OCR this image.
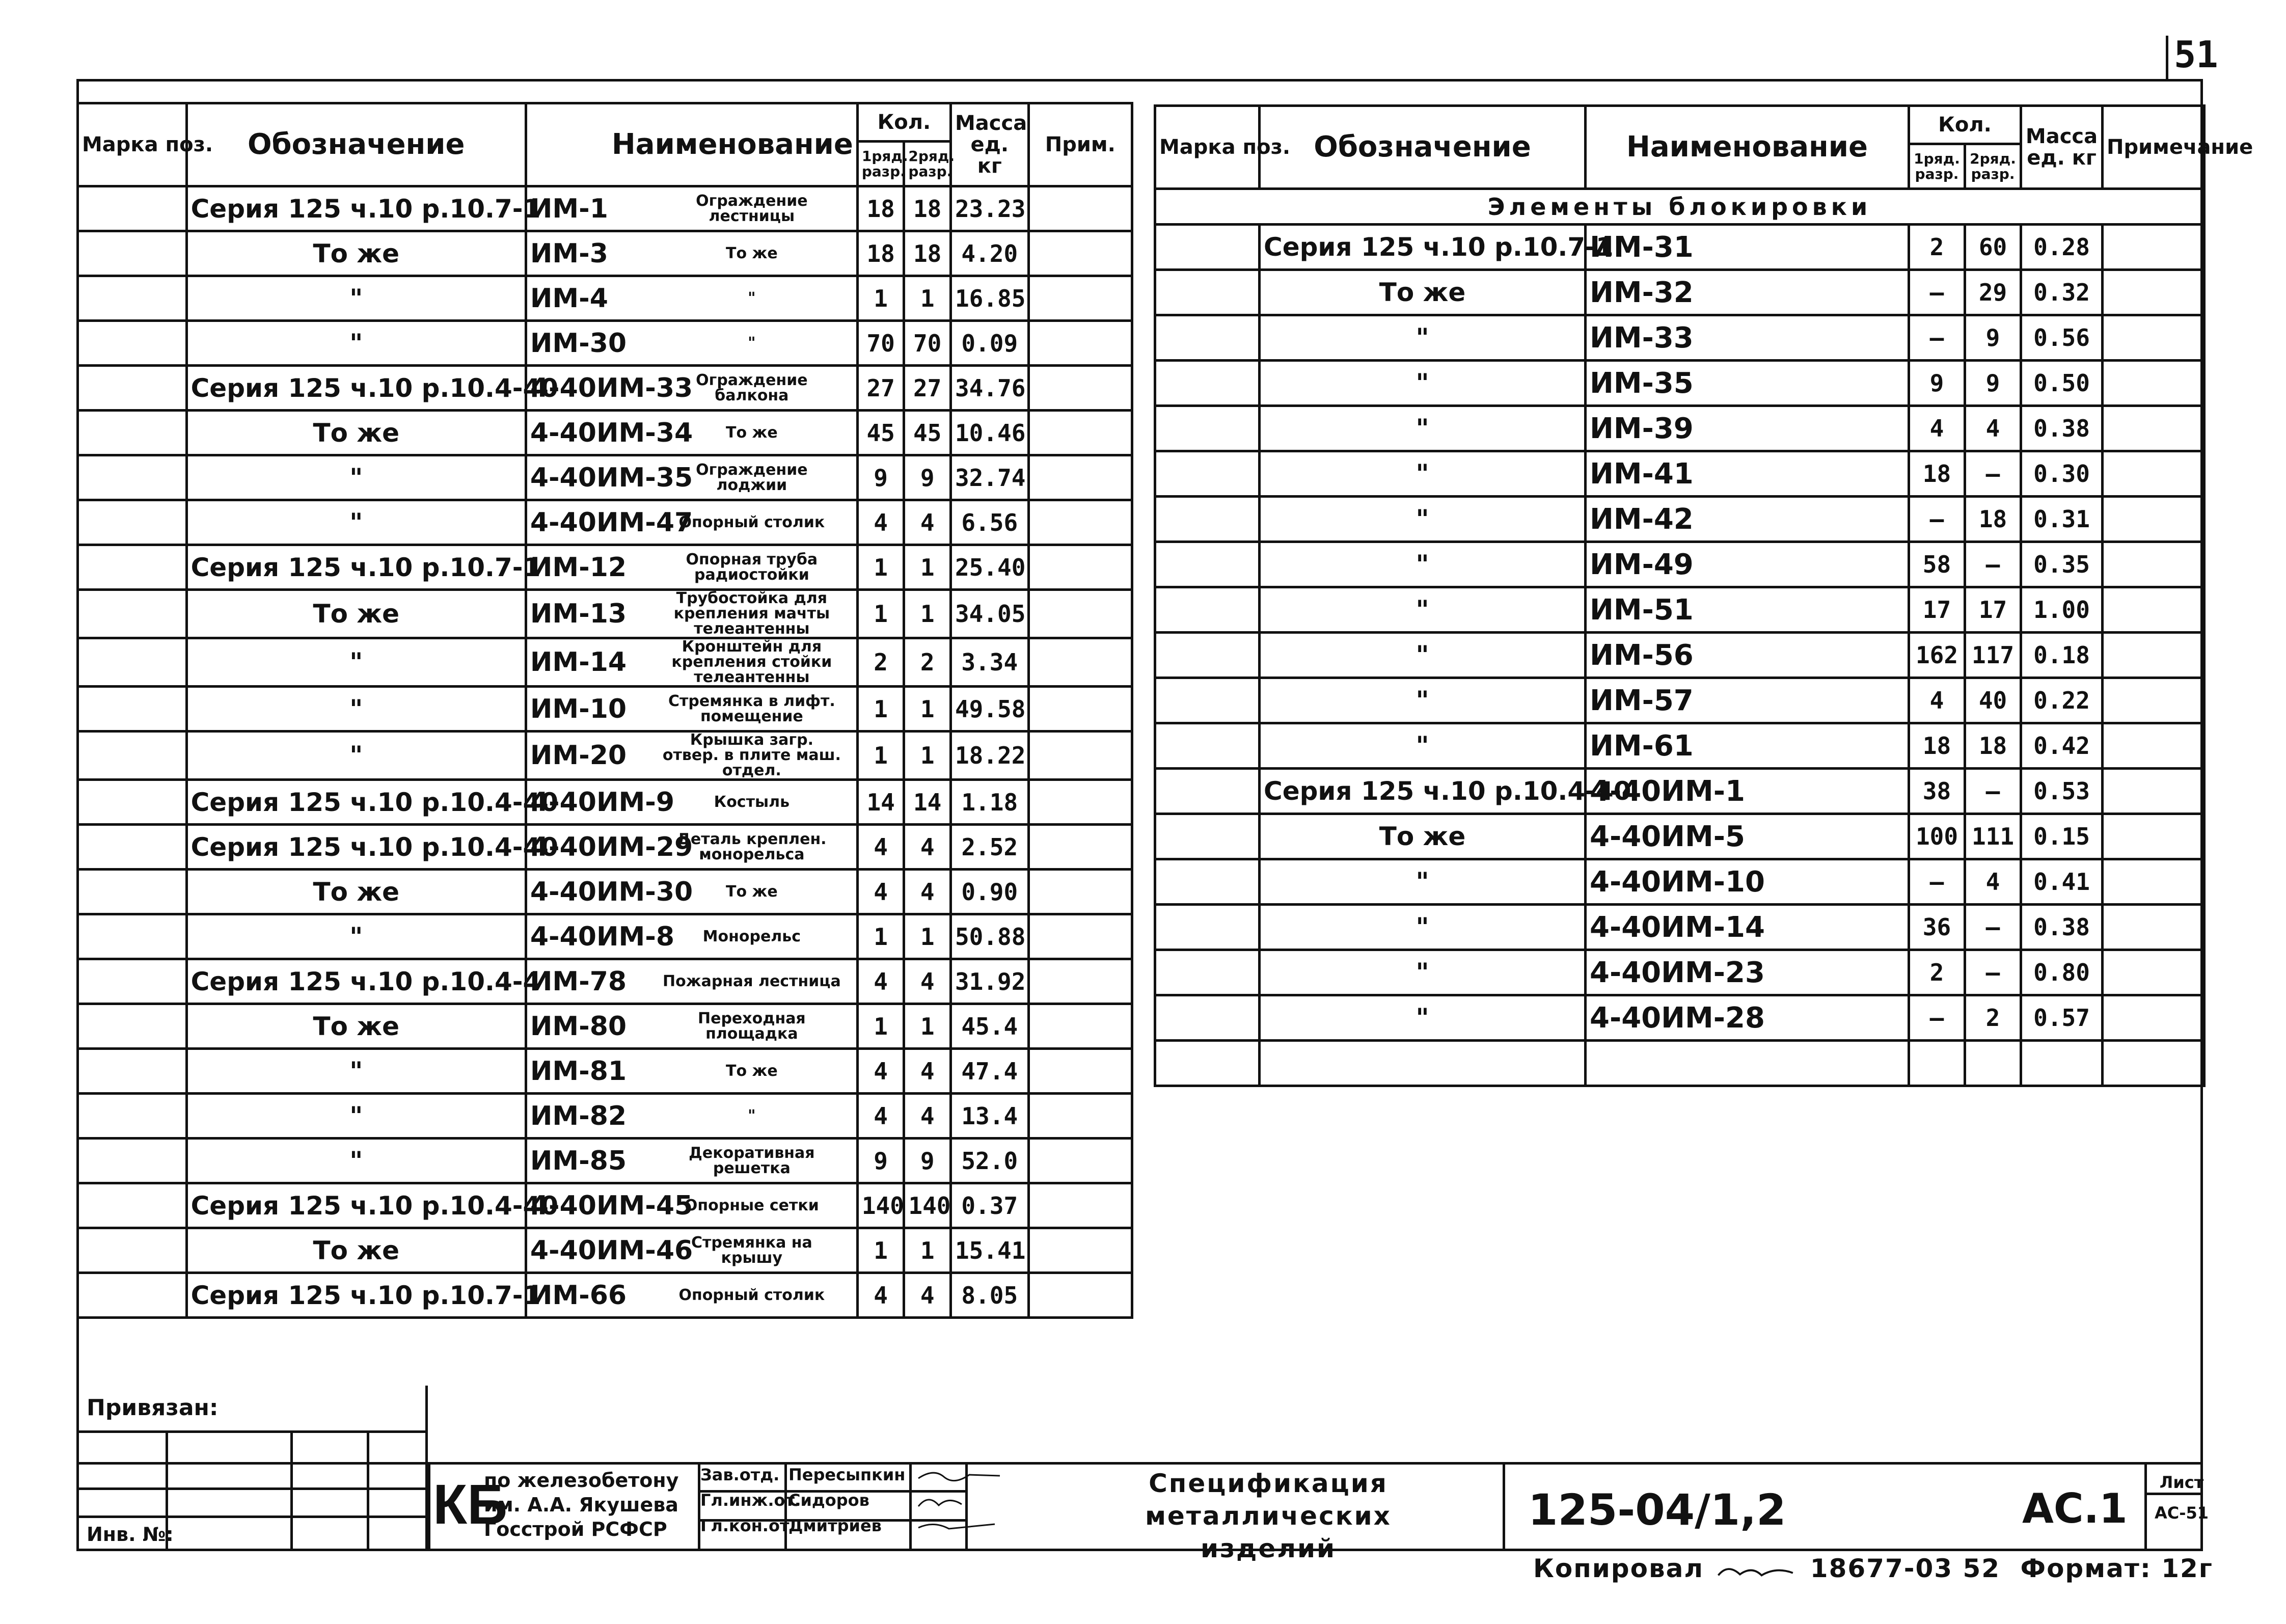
51
Марка поз.	Обозначение	Наименование	Кол.		Масса ед. кг	Прим.
			1ряд. разр.	2ряд. разр.		
	Серия 125 ч.10 р.10.7-1	ИМ-1 Ограждение лестницы	18	18	23.23	
	То же	ИМ-3 То же	18	18	4.20	
	"	ИМ-4 "	1	1	16.85	
	"	ИМ-30 "	70	70	0.09	
	Серия 125 ч.10 р.10.4-40	4-40ИМ-33 Ограждение балкона	27	27	34.76	
	То же	4-40ИМ-34 То же	45	45	10.46	
	"	4-40ИМ-35 Ограждение лоджии	9	9	32.74	
	"	4-40ИМ-47Опорный столик	4	4	6.56	
	Серия 125 ч.10 р.10.7-1	ИМ-12 Опорная труба радиостойки	1	1	25.40	
	То же	ИМ-13Трубостойка для крепления мачты телеантенны	1	1	34.05	
	"	ИМ-14Кронштейн для крепления стойки телеантенны	2	2	3.34	
	"	ИМ-10 Стремянка в лифт. помещение	1	1	49.58	
	"	ИМ-20Крышка загр. отвер. в плите маш. отдел.	1	1	18.22	
	Серия 125 ч.10 р.10.4-40	4-40ИМ-9 Костыль	14	14	1.18	
	Серия 125 ч.10 р.10.4-40	4-40ИМ-29Деталь креплен. монорельса	4	4	2.52	
	То же	4-40ИМ-30 То же	4	4	0.90	
	"	4-40ИМ-8 Монорельс	1	1	50.88	
	Серия 125 ч.10 р.10.4-4	ИМ-78 Пожарная лестница	4	4	31.92	
	То же	ИМ-80 Переходная площадка	1	1	45.4	
	"	ИМ-81 То же	4	4	47.4	
	"	ИМ-82 "	4	4	13.4	
	"	ИМ-85 Декоративная решетка	9	9	52.0	
	Серия 125 ч.10 р.10.4-40	4-40ИМ-45Опорные сетки	140	140	0.37	
	То же	4-40ИМ-46Стремянка на крышу	1	1	15.41	
	Серия 125 ч.10 р.10.7-1	ИМ-66 Опорный столик	4	4	8.05	
Марка поз.	Обозначение	Наименование	Кол.		Масса ед. кг	Примечание
			1ряд. разр.	2ряд. разр.		
Элементы блокировки						
	Серия 125 ч.10 р.10.7-1	ИМ-31	2	60	0.28	
	То же	ИМ-32	—	29	0.32	
	"	ИМ-33	—	9	0.56	
	"	ИМ-35	9	9	0.50	
	"	ИМ-39	4	4	0.38	
	"	ИМ-41	18	—	0.30	
	"	ИМ-42	—	18	0.31	
	"	ИМ-49	58	—	0.35	
	"	ИМ-51	17	17	1.00	
	"	ИМ-56	162	117	0.18	
	"	ИМ-57	4	40	0.22	
	"	ИМ-61	18	18	0.42	
	Серия 125 ч.10 р.10.4-40	4-40ИМ-1	38	—	0.53	
	То же	4-40ИМ-5	100	111	0.15	
	"	4-40ИМ-10	—	4	0.41	
	"	4-40ИМ-14	36	—	0.38	
	"	4-40ИМ-23	2	—	0.80	
	"	4-40ИМ-28	—	2	0.57	

Привязан:
Инв. №:	КБ
по железобетону
им. А.А. Якушева
Госстрой РСФСР
Зав.отд. Пересыпкин
Гл.инж.от.Сидоров
Гл.кон.от.Дмитриев
Спецификация металлических
изделий
125-04/1,2	АС.1
Лист
АС-51
Копировал	18677-03 52 Формат: 12г
